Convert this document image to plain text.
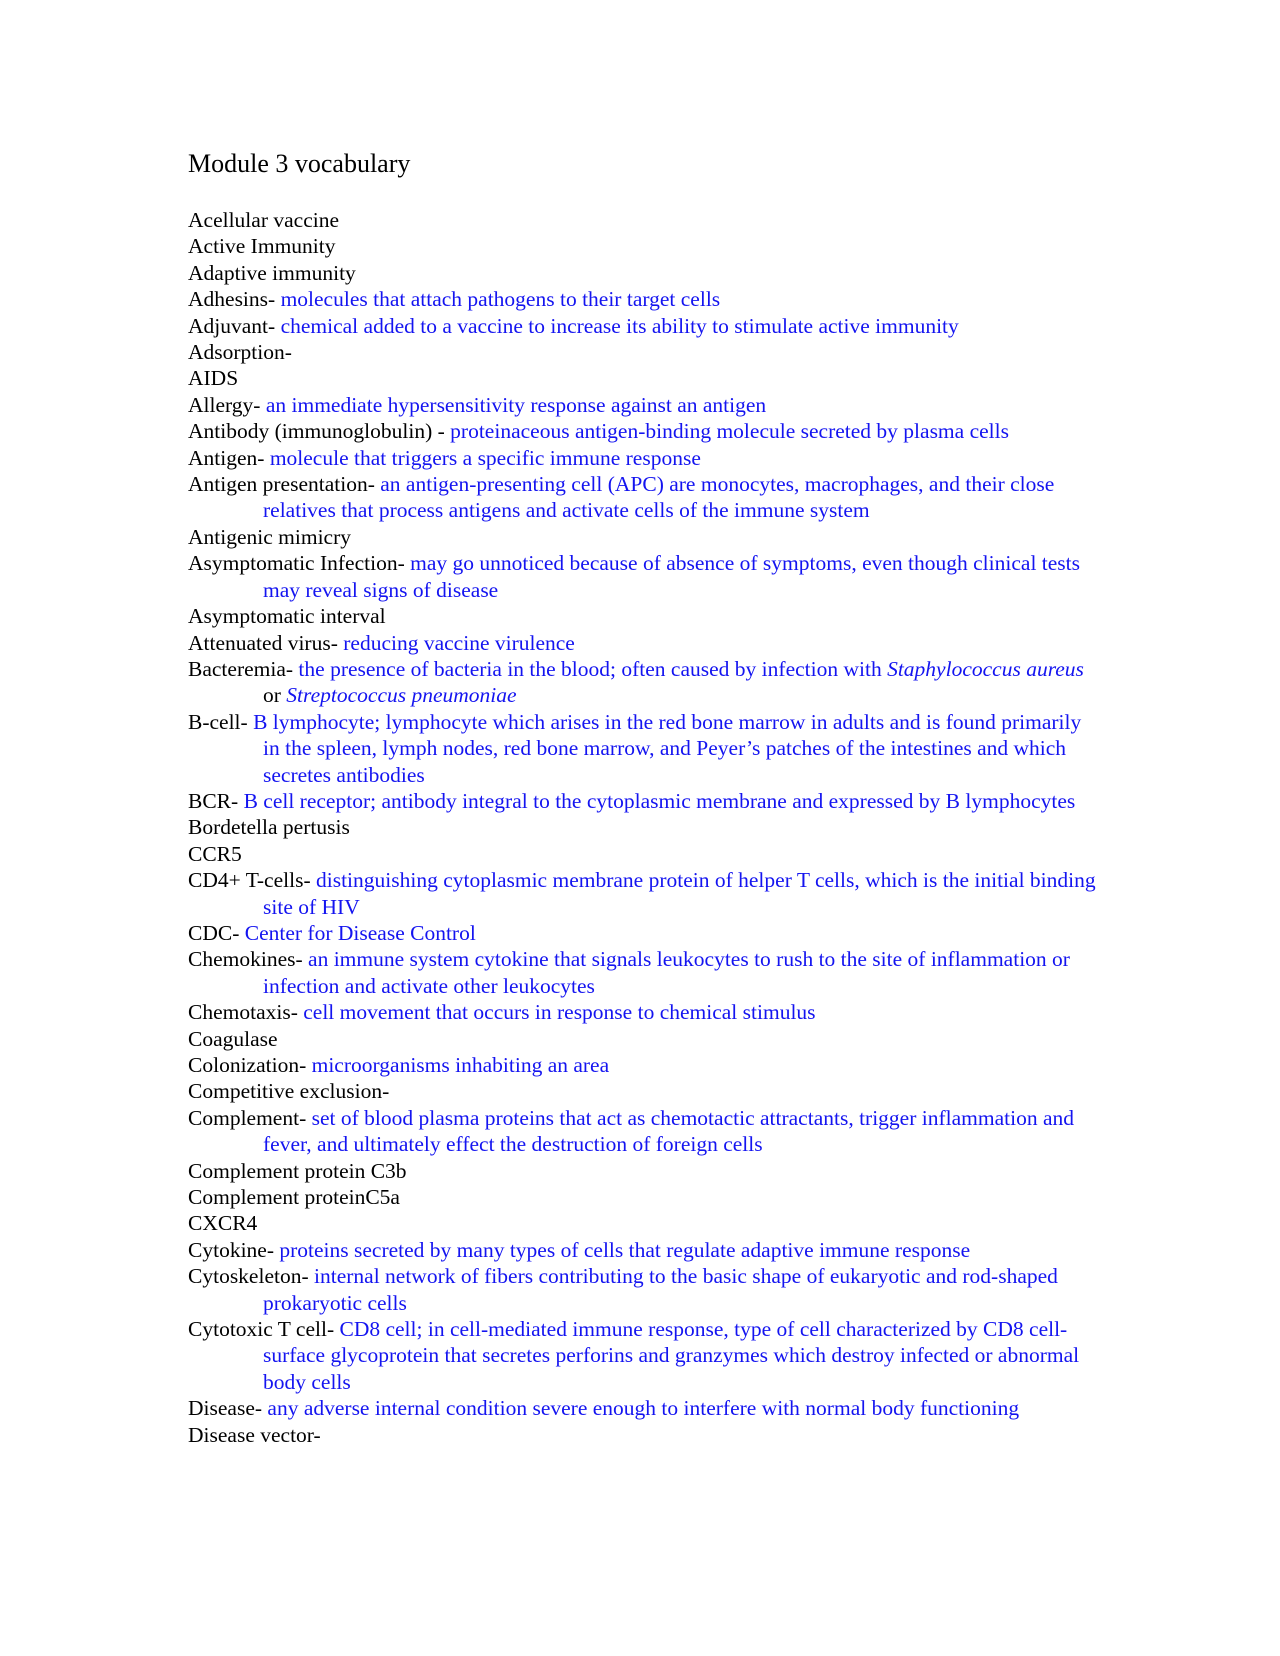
Module 3 vocabulary
Acellular vaccine
Active Immunity
Adaptive immunity
Adhesins- molecules that attach pathogens to their target cells
Adjuvant- chemical added to a vaccine to increase its ability to stimulate active immunity
Adsorption-
AIDS
Allergy- an immediate hypersensitivity response against an antigen
Antibody (immunoglobulin) - proteinaceous antigen-binding molecule secreted by plasma cells
Antigen- molecule that triggers a specific immune response
Antigen presentation- an antigen-presenting cell (APC) are monocytes, macrophages, and their close relatives that process antigens and activate cells of the immune system
Antigenic mimicry
Asymptomatic Infection- may go unnoticed because of absence of symptoms, even though clinical tests may reveal signs of disease
Asymptomatic interval
Attenuated virus- reducing vaccine virulence
Bacteremia- the presence of bacteria in the blood; often caused by infection with Staphylococcus aureus or Streptococcus pneumoniae
B-cell- B lymphocyte; lymphocyte which arises in the red bone marrow in adults and is found primarily in the spleen, lymph nodes, red bone marrow, and Peyer’s patches of the intestines and which secretes antibodies
BCR- B cell receptor; antibody integral to the cytoplasmic membrane and expressed by B lymphocytes
Bordetella pertusis
CCR5
CD4+ T-cells- distinguishing cytoplasmic membrane protein of helper T cells, which is the initial binding site of HIV
CDC- Center for Disease Control
Chemokines- an immune system cytokine that signals leukocytes to rush to the site of inflammation or infection and activate other leukocytes
Chemotaxis- cell movement that occurs in response to chemical stimulus
Coagulase
Colonization- microorganisms inhabiting an area
Competitive exclusion-
Complement- set of blood plasma proteins that act as chemotactic attractants, trigger inflammation and fever, and ultimately effect the destruction of foreign cells
Complement protein C3b
Complement proteinC5a
CXCR4
Cytokine- proteins secreted by many types of cells that regulate adaptive immune response
Cytoskeleton- internal network of fibers contributing to the basic shape of eukaryotic and rod-shaped prokaryotic cells
Cytotoxic T cell- CD8 cell; in cell-mediated immune response, type of cell characterized by CD8 cell-surface glycoprotein that secretes perforins and granzymes which destroy infected or abnormal body cells
Disease- any adverse internal condition severe enough to interfere with normal body functioning
Disease vector-
